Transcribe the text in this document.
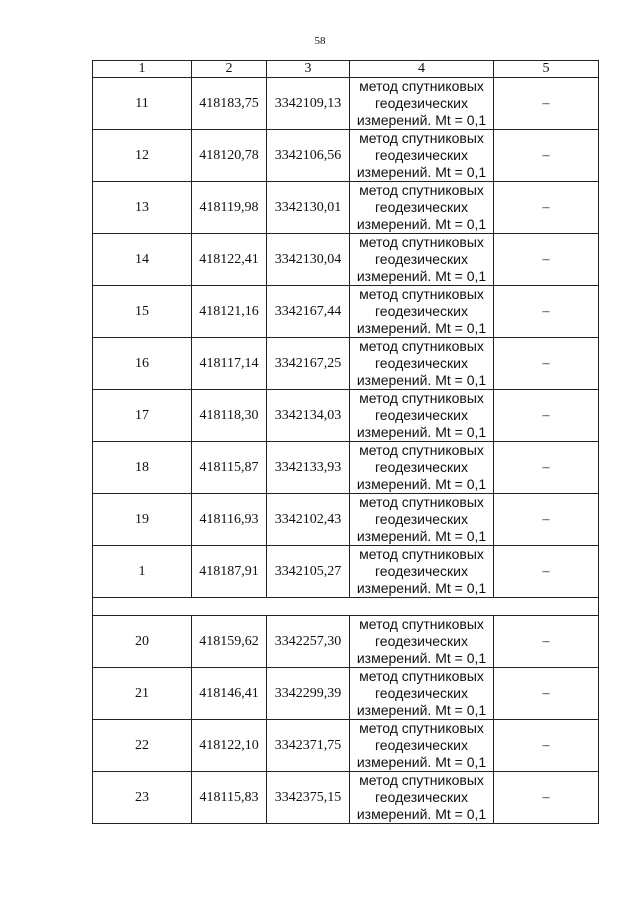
58
1	2	3	4	5
11	418183,75	3342109,13	метод спутниковых
геодезических
измерений. Mt = 0,1	–
12	418120,78	3342106,56	метод спутниковых
геодезических
измерений. Mt = 0,1	–
13	418119,98	3342130,01	метод спутниковых
геодезических
измерений. Mt = 0,1	–
14	418122,41	3342130,04	метод спутниковых
геодезических
измерений. Mt = 0,1	–
15	418121,16	3342167,44	метод спутниковых
геодезических
измерений. Mt = 0,1	–
16	418117,14	3342167,25	метод спутниковых
геодезических
измерений. Mt = 0,1	–
17	418118,30	3342134,03	метод спутниковых
геодезических
измерений. Mt = 0,1	–
18	418115,87	3342133,93	метод спутниковых
геодезических
измерений. Mt = 0,1	–
19	418116,93	3342102,43	метод спутниковых
геодезических
измерений. Mt = 0,1	–
1	418187,91	3342105,27	метод спутниковых
геодезических
измерений. Mt = 0,1	–

20	418159,62	3342257,30	метод спутниковых
геодезических
измерений. Mt = 0,1	–
21	418146,41	3342299,39	метод спутниковых
геодезических
измерений. Mt = 0,1	–
22	418122,10	3342371,75	метод спутниковых
геодезических
измерений. Mt = 0,1	–
23	418115,83	3342375,15	метод спутниковых
геодезических
измерений. Mt = 0,1	–
